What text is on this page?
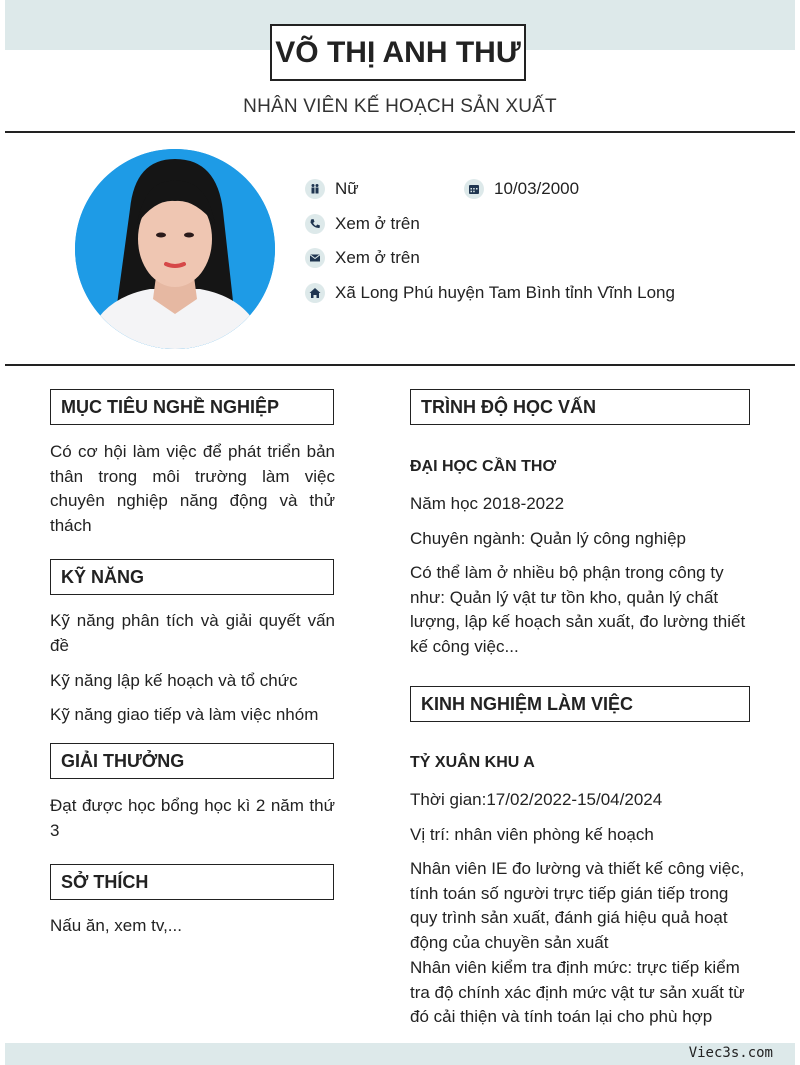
VÕ THỊ ANH THƯ
NHÂN VIÊN KẾ HOẠCH SẢN XUẤT
Nữ	10/03/2000
Xem ở trên
Xem ở trên
Xã Long Phú huyện Tam Bình tỉnh Vĩnh Long
MỤC TIÊU NGHỀ NGHIỆP
Có cơ hội làm việc để phát triển bản thân trong môi trường làm việc chuyên nghiệp năng động và thử thách
KỸ NĂNG
Kỹ năng phân tích và giải quyết vấn đề
Kỹ năng lập kế hoạch và tổ chức
Kỹ năng giao tiếp và làm việc nhóm
GIẢI THƯỞNG
Đạt được học bổng học kì 2 năm thứ 3
SỞ THÍCH
Nấu ăn, xem tv,...
TRÌNH ĐỘ HỌC VẤN
ĐẠI HỌC CẦN THƠ
Năm học 2018-2022
Chuyên ngành: Quản lý công nghiệp
Có thể làm ở nhiều bộ phận trong công ty như: Quản lý vật tư tồn kho, quản lý chất lượng, lập kế hoạch sản xuất, đo lường thiết kế công việc...
KINH NGHIỆM LÀM VIỆC
TỶ XUÂN KHU A
Thời gian:17/02/2022-15/04/2024
Vị trí: nhân viên phòng kế hoạch
Nhân viên IE đo lường và thiết kế công việc, tính toán số người trực tiếp gián tiếp trong quy trình sản xuất, đánh giá hiệu quả hoạt động của chuyền sản xuất
Nhân viên kiểm tra định mức: trực tiếp kiểm tra độ chính xác định mức vật tư sản xuất từ đó cải thiện và tính toán lại cho phù hợp
Viec3s.com
